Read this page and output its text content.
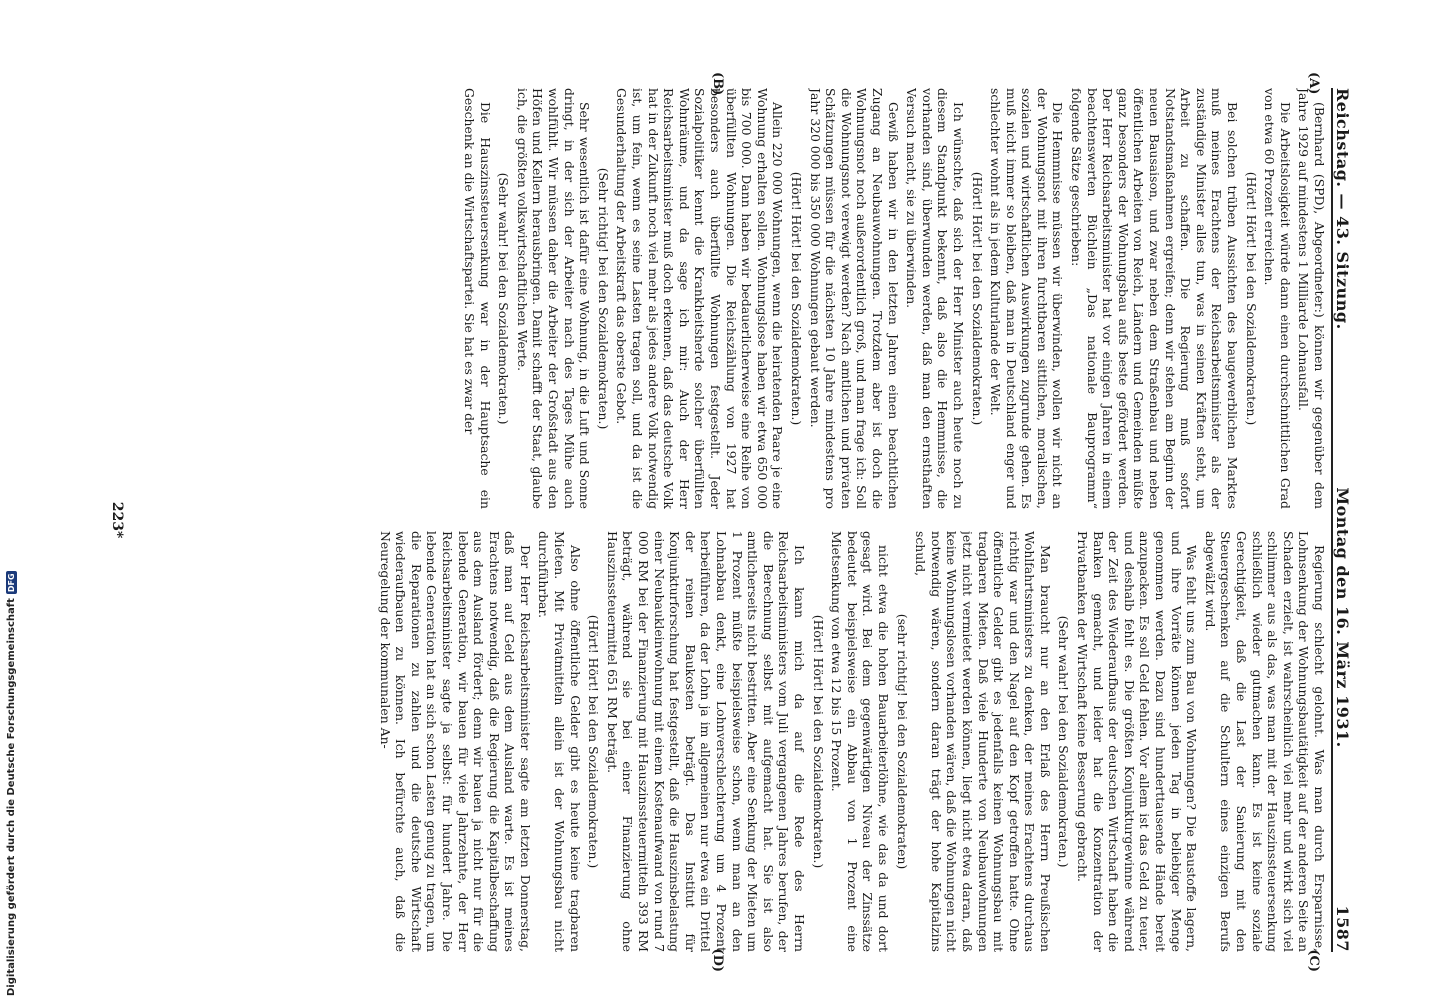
Reichstag. — 43. Sitzung.
Montag den 16. März 1931.
1587
(A)
(B)
(C)
(D)

(Bernhard (SPD), Abgeordneter:) können wir gegenüber dem Jahre 1929 auf mindestens 1 Milliarde Lohnausfall.

Die Arbeitslosigkeit würde dann einen durchschnittlichen Grad von etwa 60 Prozent erreichen.

(Hört! Hört! bei den Sozialdemokraten.)

Bei solchen trüben Aussichten des baugewerblichen Marktes muß meines Erachtens der Reichsarbeitsminister als der zuständige Minister alles tun, was in seinen Kräften steht, um Arbeit zu schaffen. Die Regierung muß sofort Notstandsmaßnahmen ergreifen; denn wir stehen am Beginn der neuen Bausaison, und zwar neben dem Straßenbau und neben öffentlichen Arbeiten von Reich, Ländern und Gemeinden müßte ganz besonders der Wohnungsbau aufs beste gefördert werden. Der Herr Reichsarbeitsminister hat vor einigen Jahren in einem beachtenswerten Büchlein „Das nationale Bauprogramm“ folgende Sätze geschrieben:

Die Hemmnisse müssen wir überwinden, wollen wir nicht an der Wohnungsnot mit ihren furchtbaren sittlichen, moralischen, sozialen und wirtschaftlichen Auswirkungen zugrunde gehen. Es muß nicht immer so bleiben, daß man in Deutschland enger und schlechter wohnt als in jedem Kulturlande der Welt.

(Hört! Hört! bei den Sozialdemokraten.)

Ich wünschte, daß sich der Herr Minister auch heute noch zu diesem Standpunkt bekennt, daß also die Hemmnisse, die vorhanden sind, überwunden werden, daß man den ernsthaften Versuch macht, sie zu überwinden.

Gewiß haben wir in den letzten Jahren einen beachtlichen Zugang an Neubauwohnungen. Trotzdem aber ist doch die Wohnungsnot noch außerordentlich groß, und man frage ich: Soll die Wohnungsnot verewigt werden? Nach amtlichen und privaten Schätzungen müssen für die nächsten 10 Jahre mindestens pro Jahr 320 000 bis 350 000 Wohnungen gebaut werden.

(Hört! Hört! bei den Sozialdemokraten.)

Allein 220 000 Wohnungen, wenn die heiratenden Paare je eine Wohnung erhalten sollen. Wohnungslose haben wir etwa 650 000 bis 700 000. Dann haben wir bedauerlicherweise eine Reihe von überfüllten Wohnungen. Die Reichszählung von 1927 hat besonders auch überfüllte Wohnungen festgestellt. Jeder Sozialpolitiker kennt die Krankheitsherde solcher überfüllten Wohnräume, und da sage ich mir: Auch der Herr Reichsarbeitsminister muß doch erkennen, daß das deutsche Volk hat in der Zukunft noch viel mehr als jedes andere Volk notwendig ist, um fein, wenn es seine Lasten tragen soll, und da ist die Gesunderhaltung der Arbeitskraft das oberste Gebot.

(Sehr richtig! bei den Sozialdemokraten.)

Sehr wesentlich ist dafür eine Wohnung, in die Luft und Sonne dringt, in der sich der Arbeiter nach des Tages Mühe auch wohlfühlt. Wir müssen daher die Arbeiter der Großstadt aus den Höfen und Kellern herausbringen. Damit schafft der Staat, glaube ich, die größten volkswirtschaftlichen Werte.

(Sehr wahr! bei den Sozialdemokraten.)

Die Hauszinssteuersenkung war in der Hauptsache ein Geschenk an die Wirtschaftspartei. Sie hat es zwar der

Regierung schlecht gelohnt. Was man durch Ersparnisse, Lohnsenkung der Wohnungsbautätigkeit auf der anderen Seite an Schaden erzielt, ist wahrscheinlich viel mehr und wirkt sich viel schlimmer aus als das, was man mit der Hauszinssteuersenkung schließlich wieder gutmachen kann. Es ist keine soziale Gerechtigkeit, daß die Last der Sanierung mit den Steuergeschenken auf die Schultern eines einzigen Berufs abgewälzt wird.

Was fehlt uns zum Bau von Wohnungen? Die Baustoffe lagern, und ihre Vorräte können jeden Tag in beliebiger Menge genommen werden. Dazu sind hunderttausende Hände bereit anzupacken. Es soll Geld fehlen. Vor allem ist das Geld zu teuer, und deshalb fehlt es. Die größten Konjunkturgewinne während der Zeit des Wiederaufbaus der deutschen Wirtschaft haben die Banken gemacht, und leider hat die Konzentration der Privatbanken der Wirtschaft keine Besserung gebracht.

(Sehr wahr! bei den Sozialdemokraten.)

Man braucht nur an den Erlaß des Herrn Preußischen Wohlfahrtsministers zu denken, der meines Erachtens durchaus richtig war und den Nagel auf den Kopf getroffen hatte. Ohne öffentliche Gelder gibt es jedenfalls keinen Wohnungsbau mit tragbaren Mieten. Daß viele Hunderte von Neubauwohnungen jetzt nicht vermietet werden können, liegt nicht etwa daran, daß keine Wohnungslosen vorhanden wären, daß die Wohnungen nicht notwendig wären, sondern daran trägt der hohe Kapitalzins schuld,

(sehr richtig! bei den Sozialdemokraten)

nicht etwa die hohen Bauarbeiterlöhne, wie das da und dort gesagt wird. Bei dem gegenwärtigen Niveau der Zinssätze bedeutet beispielsweise ein Abbau von 1 Prozent eine Mietsenkung von etwa 12 bis 15 Prozent.

(Hört! Hört! bei den Sozialdemokraten.)

Ich kann mich da auf die Rede des Herrn Reichsarbeitsministers vom Juli vergangenen Jahres berufen, der die Berechnung selbst mit aufgemacht hat. Sie ist also amtlicherseits nicht bestritten. Aber eine Senkung der Mieten um 1 Prozent müßte beispielsweise schon, wenn man an den Lohnabbau denkt, eine Lohnverschlechterung um 4 Prozent herbeiführen, da der Lohn ja im allgemeinen nur etwa ein Drittel der reinen Baukosten beträgt. Das Institut für Konjunkturforschung hat festgestellt, daß die Hauszinsbelastung einer Neubaukleinwohnung mit einem Kostenaufwand von rund 7 000 RM bei der Finanzierung mit Hauszinssteuermitteln 393 RM beträgt, während sie bei einer Finanzierung ohne Hauszinssteuermittel 651 RM beträgt.

(Hört! Hört! bei den Sozialdemokraten.)

Also ohne öffentliche Gelder gibt es heute keine tragbaren Mieten. Mit Privatmitteln allein ist der Wohnungsbau nicht durchführbar.

Der Herr Reichsarbeitsminister sagte am letzten Donnerstag, daß man auf Geld aus dem Ausland warte. Es ist meines Erachtens notwendig, daß die Regierung die Kapitalbeschaffung aus dem Ausland fördert; denn wir bauen ja nicht nur für die lebende Generation, wir bauen für viele Jahrzehnte, der Herr Reichsarbeitsminister sagte ja selbst: für hundert Jahre. Die lebende Generation hat an sich schon Lasten genug zu tragen, um die Reparationen zu zahlen und die deutsche Wirtschaft wiederaufbauen zu können. Ich befürchte auch, daß die Neuregelung der kommunalen An-

223*
Digitalisierung gefördert durch die Deutsche Forschungsgemeinschaft
DFG
